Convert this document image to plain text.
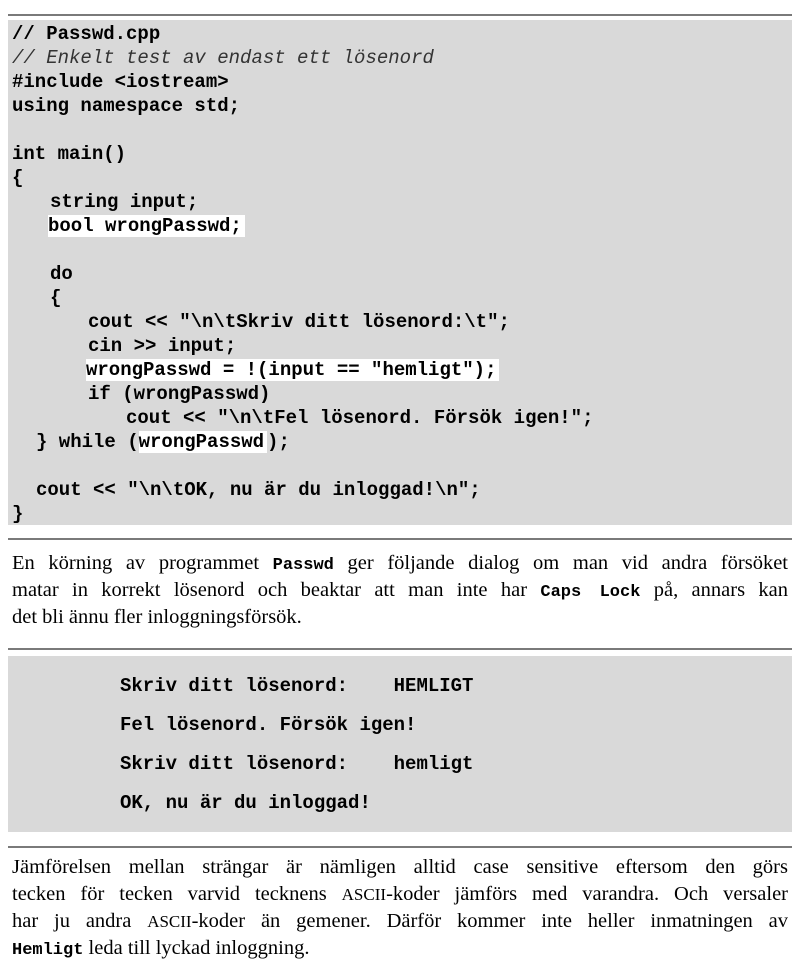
// Passwd.cpp
// Enkelt test av endast ett lösenord
#include <iostream>
using namespace std;
int main()
{
string input;
bool wrongPasswd;
do
{
cout << "\n\tSkriv ditt lösenord:\t";
cin >> input;
wrongPasswd = !(input == "hemligt");
if (wrongPasswd)
cout << "\n\tFel lösenord. Försök igen!";
} while (wrongPasswd );
cout << "\n\tOK, nu är du inloggad!\n";
}
En körning av programmet Passwd ger följande dialog om man vid andra försöket
matar in korrekt lösenord och beaktar att man inte har Caps Lock på, annars kan
det bli ännu fler inloggningsförsök.
Skriv ditt lösenord:    HEMLIGT
Fel lösenord. Försök igen!
Skriv ditt lösenord:    hemligt
OK, nu är du inloggad!
Jämförelsen mellan strängar är nämligen alltid case sensitive eftersom den görs
tecken för tecken varvid tecknens ASCII-koder jämförs med varandra. Och versaler
har ju andra ASCII-koder än gemener. Därför kommer inte heller inmatningen av
Hemligt leda till lyckad inloggning.
